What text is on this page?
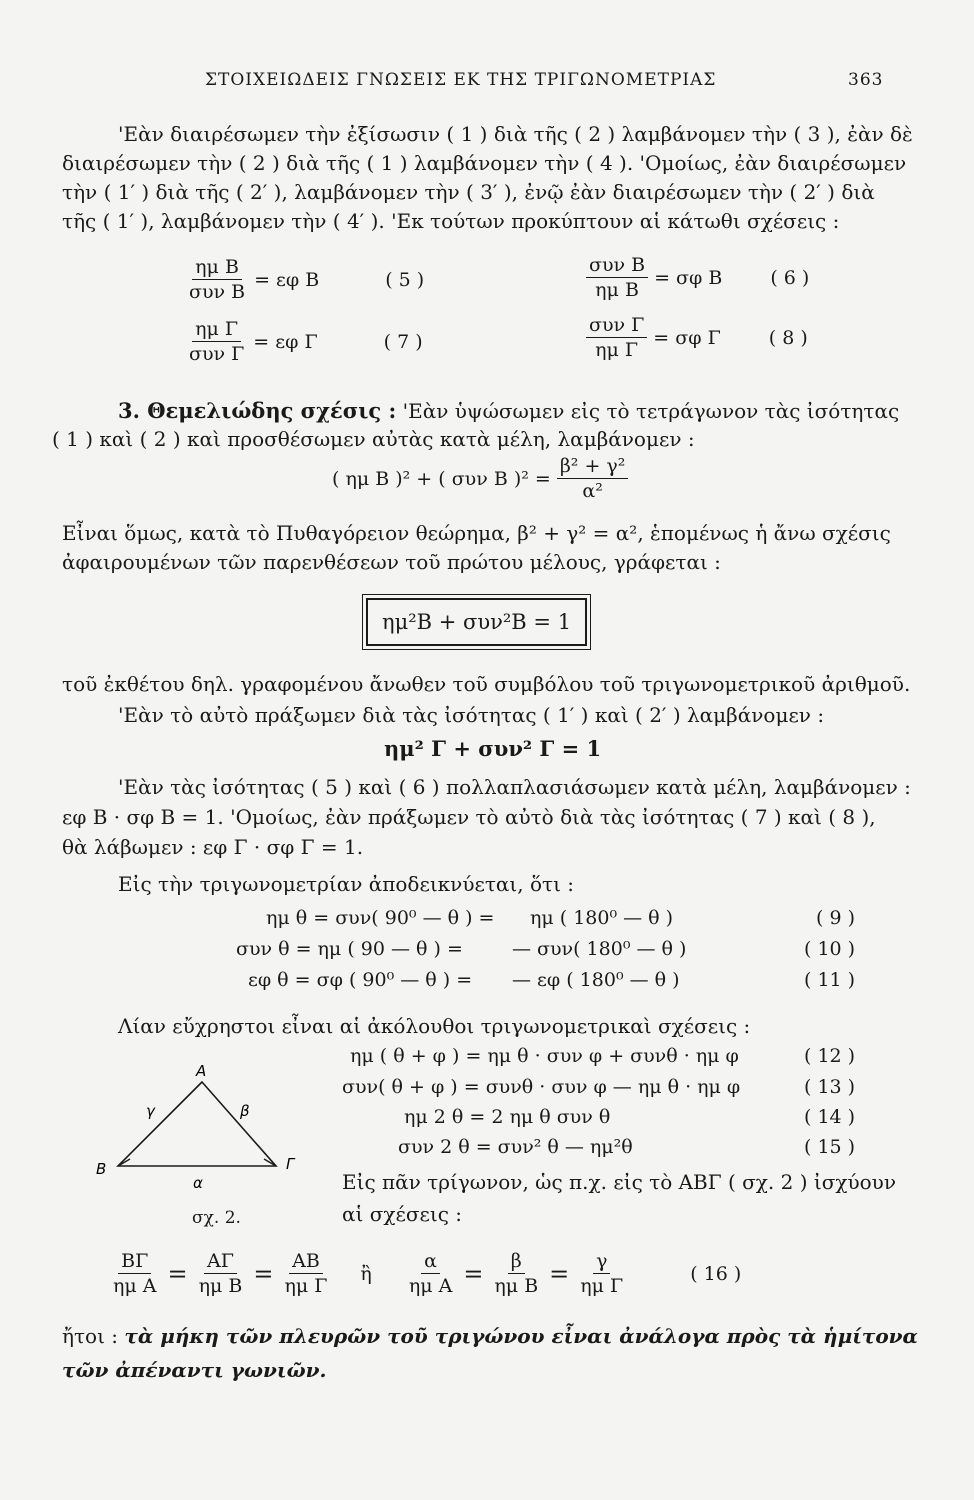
ΣΤΟΙΧΕΙΩΔΕΙΣ ΓΝΩΣΕΙΣ ΕΚ ΤΗΣ ΤΡΙΓΩΝΟΜΕΤΡΙΑΣ	363
'Εὰν διαιρέσωμεν τὴν ἐξίσωσιν ( 1 ) διὰ τῆς ( 2 ) λαμβάνομεν τὴν ( 3 ), ἐὰν δὲ
διαιρέσωμεν τὴν ( 2 ) διὰ τῆς ( 1 ) λαμβάνομεν τὴν ( 4 ). 'Ομοίως, ἐὰν διαιρέσωμεν
τὴν ( 1′ ) διὰ τῆς ( 2′ ), λαμβάνομεν τὴν ( 3′ ), ἐνῷ ἐὰν διαιρέσωμεν τὴν ( 2′ ) διὰ
τῆς ( 1′ ), λαμβάνομεν τὴν ( 4′ ). 'Εκ τούτων προκύπτουν αἱ κάτωθι σχέσεις :
$\frac{\text{ημ B}}{\text{συν B}} = \varepsilon\varphi$ B	( 5 )	$\frac{\text{συν B}}{\text{ημ B}} = \sigma\varphi$ B	( 6 )
$\frac{\text{ημ Γ}}{\text{συν Γ}} = \varepsilon\varphi$ Γ	( 7 )	$\frac{\text{συν Γ}}{\text{ημ Γ}} = \sigma\varphi$ Γ	( 8 )
3. Θεμελιώδης σχέσις : 'Εὰν ὑψώσωμεν εἰς τὸ τετράγωνον τὰς ἰσότητας
( 1 ) καὶ ( 2 ) καὶ προσθέσωμεν αὐτὰς κατὰ μέλη, λαμβάνομεν :
( ημ B )² + ( συν B )$^2 = \frac{\text{β² + γ²}}{\text{α²}}$
Εἶναι ὅμως, κατὰ τὸ Πυθαγόρειον θεώρημα, β² + γ² = α², ἑπομένως ἡ ἄνω σχέσις
ἀφαιρουμένων τῶν παρενθέσεων τοῦ πρώτου μέλους, γράφεται :
ημ²B + συν²B = 1
τοῦ ἐκθέτου δηλ. γραφομένου ἄνωθεν τοῦ συμβόλου τοῦ τριγωνομετρικοῦ ἀριθμοῦ.
'Εὰν τὸ αὐτὸ πράξωμεν διὰ τὰς ἰσότητας ( 1′ ) καὶ ( 2′ ) λαμβάνομεν :
ημ² Γ + συν² Γ = 1
'Εὰν τὰς ἰσότητας ( 5 ) καὶ ( 6 ) πολλαπλασιάσωμεν κατὰ μέλη, λαμβάνομεν :
εφ B · σφ B = 1. 'Ομοίως, ἐὰν πράξωμεν τὸ αὐτὸ διὰ τὰς ἰσότητας ( 7 ) καὶ ( 8 ),
θὰ λάβωμεν : εφ Γ · σφ Γ = 1.
Εἰς τὴν τριγωνομετρίαν ἀποδεικνύεται, ὅτι :
ημ θ = συν( 90⁰ — θ ) = ημ ( 180⁰ — θ )	( 9 )
συν θ = ημ ( 90 — θ ) =	— συν( 180⁰ — θ )	( 10 )
εφ θ = σφ ( 90⁰ — θ ) = — εφ ( 180⁰ — θ )	( 11 )
Λίαν εὔχρηστοι εἶναι αἱ ἀκόλουθοι τριγωνομετρικαὶ σχέσεις :
ημ ( θ + φ ) = ημ θ · συν φ + συνθ · ημ φ	( 12 )
συν( θ + φ ) = συνθ · συν φ — ημ θ · ημ φ	( 13 )
ημ 2 θ = 2 ημ θ συν θ	( 14 )
συν 2 θ = συν² θ — ημ²θ	( 15 )
A
B	Γ
α
β
γ
σχ. 2.
Εἰς πᾶν τρίγωνον, ὡς π.χ. εἰς τὸ ΑΒΓ ( σχ. 2 ) ἰσχύουν
αἱ σχέσεις :
$\frac{B\Gamma}{\text{ημ Α}} = \frac{A\Gamma}{\text{ημ Β}} = \frac{AB}{\text{ημ Γ}}$ ἢ $\frac{\alpha}{\text{ημ Α}} = \frac{\beta}{\text{ημ Β}} = \frac{\gamma}{\text{ημ Γ}}$	( 16 )
ἤτοι : τὰ μήκη τῶν πλευρῶν τοῦ τριγώνου εἶναι ἀνάλογα πρὸς τὰ ἡμίτονα
τῶν ἀπέναντι γωνιῶν.
